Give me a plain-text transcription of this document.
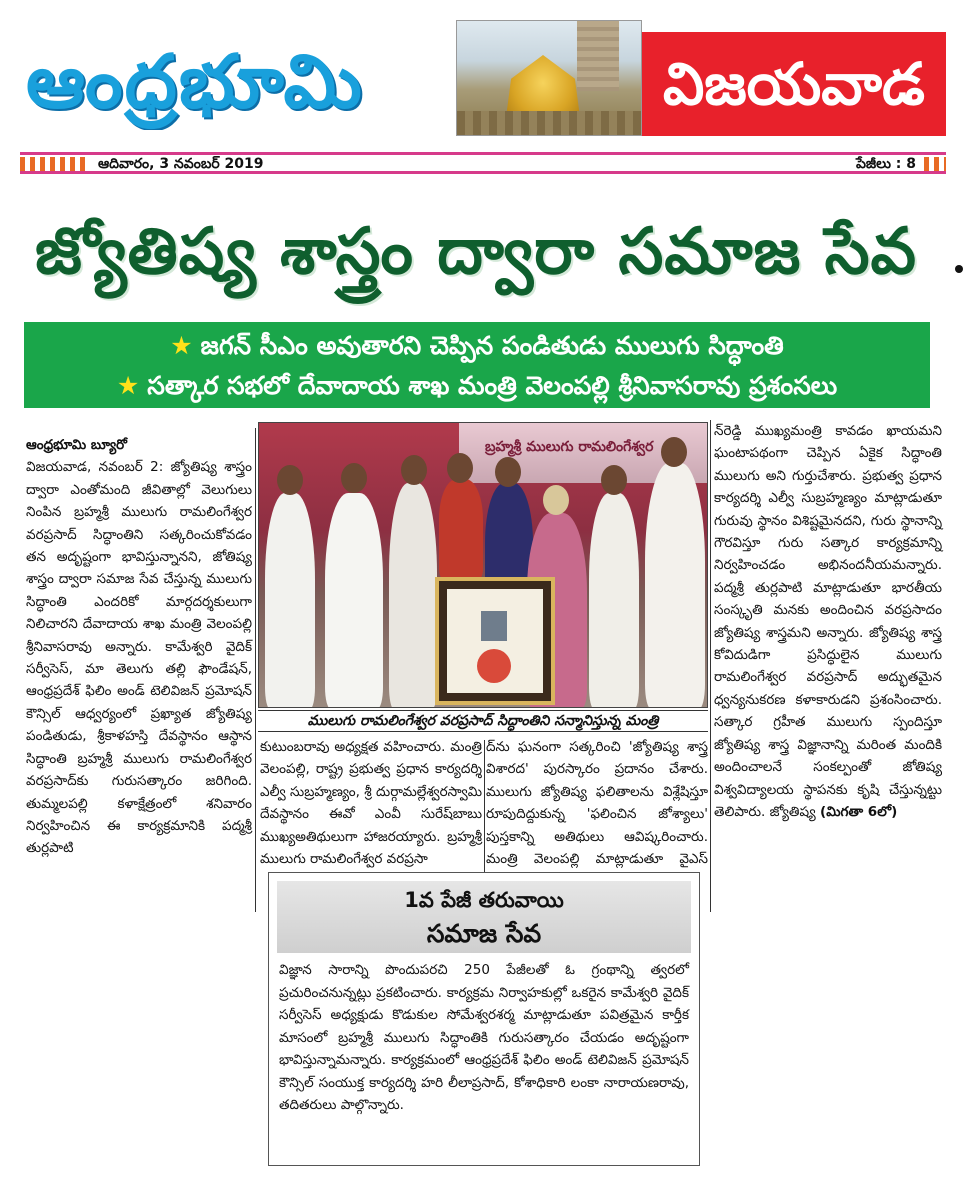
ఆంధ్రభూమి	విజయవాడ
ఆదివారం, 3 నవంబర్ 2019	పేజీలు : 8
జ్యోతిష్య శాస్త్రం ద్వారా సమాజ సేవ
★ జగన్ సీఎం అవుతారని చెప్పిన పండితుడు ములుగు సిద్ధాంతి
★ సత్కార సభలో దేవాదాయ శాఖ మంత్రి వెలంపల్లి శ్రీనివాసరావు ప్రశంసలు

ఆంధ్రభూమి బ్యూరో

విజయవాడ, నవంబర్ 2: జ్యోతిష్య శాస్త్రం ద్వారా ఎంతోమంది జీవితాల్లో వెలుగులు నింపిన బ్రహ్మశ్రీ ములుగు రామలింగేశ్వర వరప్రసాద్ సిద్ధాంతిని సత్కరించుకోవడం తన అదృష్టంగా భావిస్తున్నానని, జోతిష్య శాస్త్రం ద్వారా సమాజ సేవ చేస్తున్న ములుగు సిద్ధాంతి ఎందరికో మార్గదర్శకులుగా నిలిచారని దేవాదాయ శాఖ మంత్రి వెలంపల్లి శ్రీనివాసరావు అన్నారు. కామేశ్వరి వైదిక్ సర్వీసెస్, మా తెలుగు తల్లి ఫౌండేషన్, ఆంధ్రప్రదేశ్ ఫిలిం అండ్ టెలివిజన్ ప్రమోషన్ కౌన్సిల్ ఆధ్వర్యంలో ప్రఖ్యాత జ్యోతిష్య పండితుడు, శ్రీకాళహస్తి దేవస్థానం ఆస్థాన సిద్ధాంతి బ్రహ్మశ్రీ ములుగు రామలింగేశ్వర వరప్రసాద్‌కు గురుసత్కారం జరిగింది. తుమ్మలపల్లి కళాక్షేత్రంలో శనివారం నిర్వహించిన ఈ కార్యక్రమానికి పద్మశ్రీ తుర్లపాటి

బ్రహ్మశ్రీ ములుగు రామలింగేశ్వర
ములుగు రామలింగేశ్వర వరప్రసాద్ సిద్ధాంతిని సన్మానిస్తున్న మంత్రి
కుటుంబరావు అధ్యక్షత వహించారు. మంత్రి వెలంపల్లి, రాష్ట్ర ప్రభుత్వ ప్రధాన కార్యదర్శి ఎల్వీ సుబ్రహ్మణ్యం, శ్రీ దుర్గామల్లేశ్వరస్వామి దేవస్థానం ఈవో ఎంవీ సురేష్‌బాబు ముఖ్యఅతిథులుగా హాజరయ్యారు. బ్రహ్మశ్రీ ములుగు రామలింగేశ్వర వరప్రసా
ద్‌ను ఘనంగా సత్కరించి 'జ్యోతిష్య శాస్త్ర విశారద' పురస్కారం ప్రదానం చేశారు. ములుగు జ్యోతిష్య ఫలితాలను విశ్లేషిస్తూ రూపుదిద్దుకున్న 'ఫలించిన జోశ్యాలు' పుస్తకాన్ని అతిథులు ఆవిష్కరించారు. మంత్రి వెలంపల్లి మాట్లాడుతూ వైఎస్

న్‌రెడ్డి ముఖ్యమంత్రి కావడం ఖాయమని ఘంటాపథంగా చెప్పిన ఏకైక సిద్ధాంతి ములుగు అని గుర్తుచేశారు. ప్రభుత్వ ప్రధాన కార్యదర్శి ఎల్వీ సుబ్రహ్మణ్యం మాట్లాడుతూ గురువు స్థానం విశిష్టమైనదని, గురు స్థానాన్ని గౌరవిస్తూ గురు సత్కార కార్యక్రమాన్ని నిర్వహించడం అభినందనీయమన్నారు. పద్మశ్రీ తుర్లపాటి మాట్లాడుతూ భారతీయ సంస్కృతి మనకు అందించిన వరప్రసాదం జ్యోతిష్య శాస్త్రమని అన్నారు. జ్యోతిష్య శాస్త్ర కోవిదుడిగా ప్రసిద్ధులైన ములుగు రామలింగేశ్వర వరప్రసాద్ అద్భుతమైన ధ్వన్యనుకరణ కళాకారుడని ప్రశంసించారు. సత్కార గ్రహీత ములుగు స్పందిస్తూ జ్యోతిష్య శాస్త్ర విజ్ఞానాన్ని మరింత మందికి అందించాలనే సంకల్పంతో జోతిష్య విశ్వవిద్యాలయ స్థాపనకు కృషి చేస్తున్నట్టు తెలిపారు. జ్యోతిష్య (మిగతా 6లో)

1వ పేజీ తరువాయి
సమాజ సేవ
విజ్ఞాన సారాన్ని పొందుపరచి 250 పేజీలతో ఓ గ్రంథాన్ని త్వరలో ప్రచురించనున్నట్లు ప్రకటించారు. కార్యక్రమ నిర్వాహకుల్లో ఒకరైన కామేశ్వరి వైదిక్ సర్వీసెస్ అధ్యక్షుడు కొడుకుల సోమేశ్వరశర్మ మాట్లాడుతూ పవిత్రమైన కార్తీక మాసంలో బ్రహ్మశ్రీ ములుగు సిద్ధాంతికి గురుసత్కారం చేయడం అదృష్టంగా భావిస్తున్నామన్నారు. కార్యక్రమంలో ఆంధ్రప్రదేశ్ ఫిలిం అండ్ టెలివిజన్ ప్రమోషన్ కౌన్సిల్ సంయుక్త కార్యదర్శి హరి లీలాప్రసాద్, కోశాధికారి లంకా నారాయణరావు, తదితరులు పాల్గొన్నారు.
